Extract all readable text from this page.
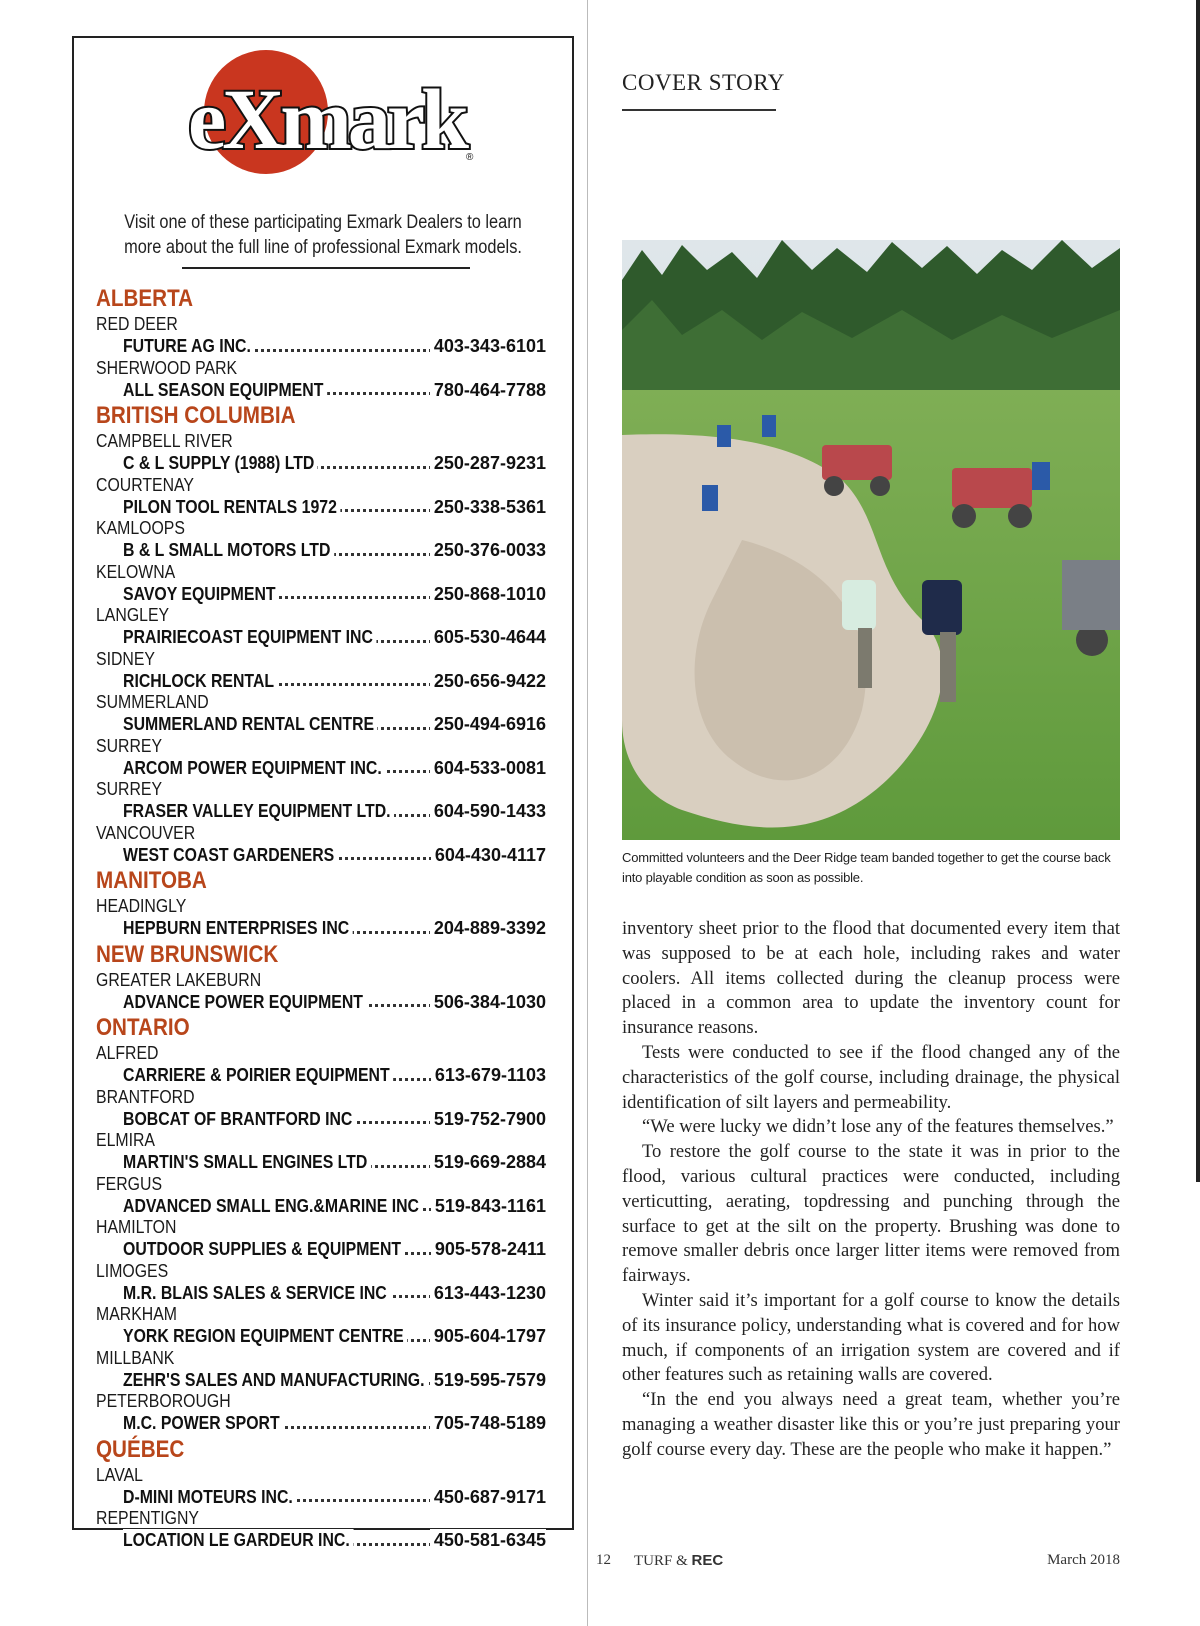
eXmark ®
Visit one of these participating Exmark Dealers to learn
more about the full line of professional Exmark models.
ALBERTA
RED DEER
FUTURE AG INC.	403-343-6101
SHERWOOD PARK
ALL SEASON EQUIPMENT	780-464-7788
BRITISH COLUMBIA
CAMPBELL RIVER
C & L SUPPLY (1988) LTD	250-287-9231
COURTENAY
PILON TOOL RENTALS 1972	250-338-5361
KAMLOOPS
B & L SMALL MOTORS LTD	250-376-0033
KELOWNA
SAVOY EQUIPMENT	250-868-1010
LANGLEY
PRAIRIECOAST EQUIPMENT INC	605-530-4644
SIDNEY
RICHLOCK RENTAL	250-656-9422
SUMMERLAND
SUMMERLAND RENTAL CENTRE	250-494-6916
SURREY
ARCOM POWER EQUIPMENT INC.	604-533-0081
SURREY
FRASER VALLEY EQUIPMENT LTD. 604-590-1433
VANCOUVER
WEST COAST GARDENERS	604-430-4117
MANITOBA
HEADINGLY
HEPBURN ENTERPRISES INC	204-889-3392
NEW BRUNSWICK
GREATER LAKEBURN
ADVANCE POWER EQUIPMENT	506-384-1030
ONTARIO
ALFRED
CARRIERE & POIRIER EQUIPMENT	613-679-1103
BRANTFORD
BOBCAT OF BRANTFORD INC	519-752-7900
ELMIRA
MARTIN'S SMALL ENGINES LTD	519-669-2884
FERGUS
ADVANCED SMALL ENG.&MARINE INC 519-843-1161
HAMILTON
OUTDOOR SUPPLIES & EQUIPMENT 905-578-2411
LIMOGES
M.R. BLAIS SALES & SERVICE INC	613-443-1230
MARKHAM
YORK REGION EQUIPMENT CENTRE 905-604-1797
MILLBANK
ZEHR'S SALES AND MANUFACTURING. 519-595-7579
PETERBOROUGH
M.C. POWER SPORT	705-748-5189
QUÉBEC
LAVAL
D-MINI MOTEURS INC.	450-687-9171
REPENTIGNY
LOCATION LE GARDEUR INC.	450-581-6345
COVER STORY
Committed volunteers and the Deer Ridge team banded together to get the course back into playable condition as soon as possible.

inventory sheet prior to the flood that documented every item that was supposed to be at each hole, including rakes and water coolers. All items collected during the cleanup process were placed in a common area to update the inventory count for insurance reasons.

Tests were conducted to see if the flood changed any of the characteristics of the golf course, including drainage, the physical identification of silt layers and permeability.

“We were lucky we didn’t lose any of the features themselves.”

To restore the golf course to the state it was in prior to the flood, various cultural practices were conducted, including verticutting, aerating, topdressing and punching through the surface to get at the silt on the property. Brushing was done to remove smaller debris once larger litter items were removed from fairways.

Winter said it’s important for a golf course to know the details of its insurance policy, understanding what is covered and for how much, if components of an irrigation system are covered and if other features such as retaining walls are covered.

“In the end you always need a great team, whether you’re managing a weather disaster like this or you’re just preparing your golf course every day. These are the people who make it happen.”

12 TURF & REC	March 2018
